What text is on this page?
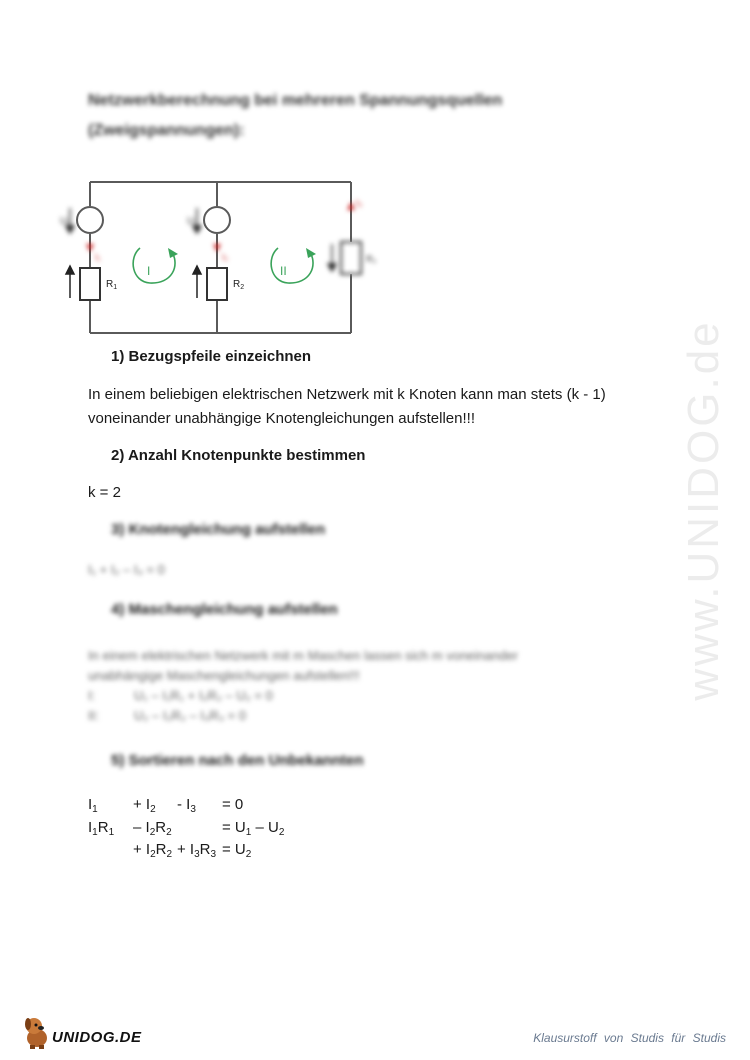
Netzwerkberechnung bei mehreren Spannungsquellen
(Zweigspannungen):
U₁	U₂
I₁	I₂
I₃
R₃
I	II
$R_1$	$R_2$
1) Bezugspfeile einzeichnen
In einem beliebigen elektrischen Netzwerk mit k Knoten kann man stets (k - 1)
voneinander unabhängige Knotengleichungen aufstellen!!!
2) Anzahl Knotenpunkte bestimmen
k = 2
3) Knotengleichung aufstellen
I₁ + I₂ – I₃ = 0
4) Maschengleichung aufstellen
In einem elektrischen Netzwerk mit m Maschen lassen sich m voneinander
unabhängige Maschengleichungen aufstellen!!!
I:	U₁ – I₁R₁ + I₂R₂ – U₂ = 0
II:	U₂ – I₂R₂ – I₃R₃ = 0
5) Sortieren nach den Unbekannten
$I_1 + I_2 - I_3 = 0$
$I_1R_1 - I_2R_2$	= $U_1 - U_2$
+ $I_2R_2 + I_3R_3 = U_2$
www.UNIDOG.de
UNIDOG.DE	Klausurstoff von Studis für Studis
